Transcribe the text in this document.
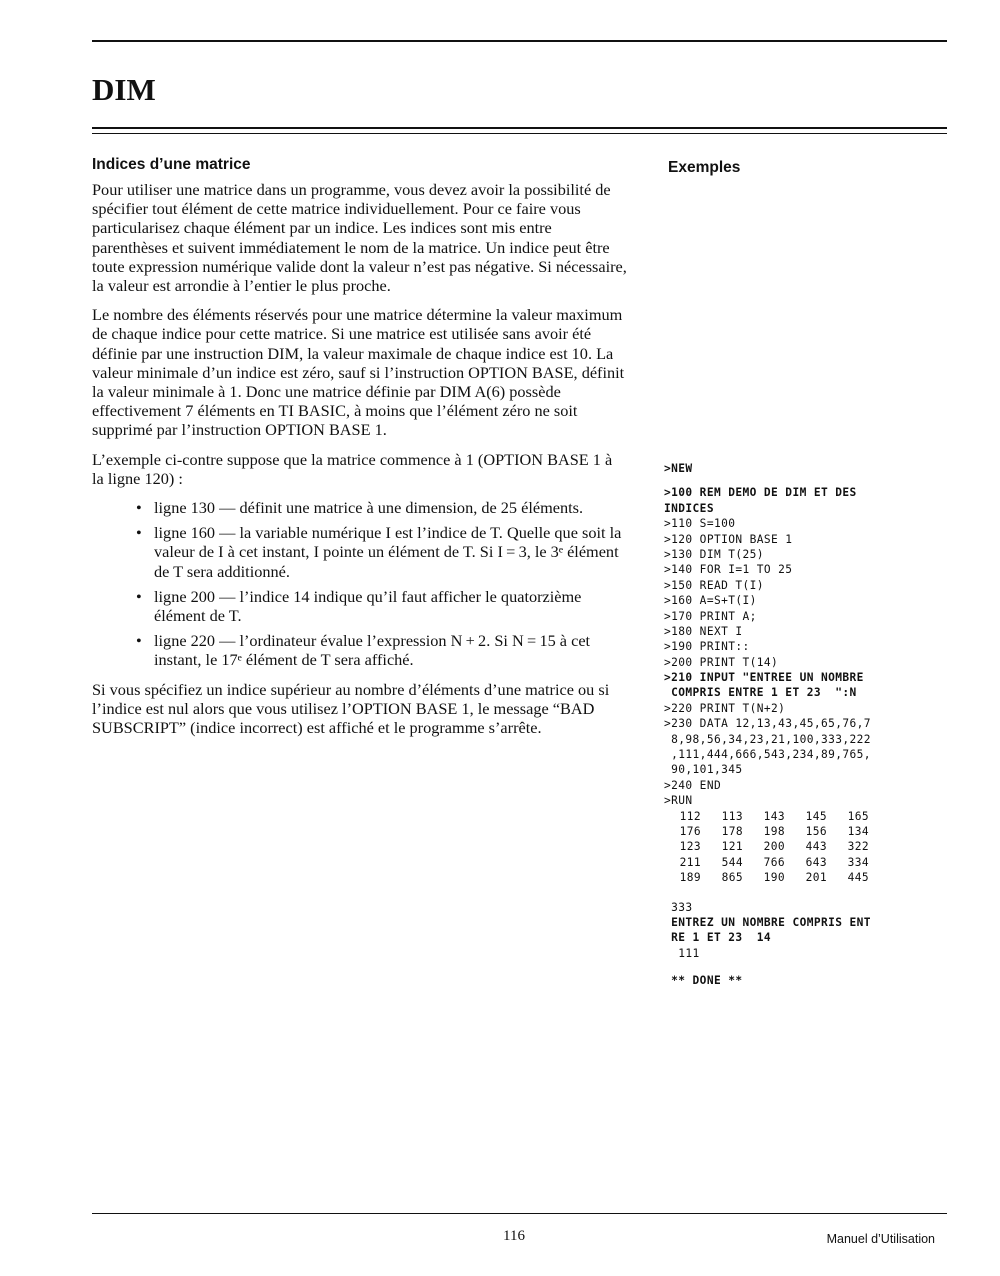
DIM
Indices d’une matrice	Exemples

Pour utiliser une matrice dans un programme, vous devez avoir la possibilité de spécifier tout élément de cette matrice individuellement. Pour ce faire vous particularisez chaque élément par un indice. Les indices sont mis entre parenthèses et suivent immédiatement le nom de la matrice. Un indice peut être toute expression numérique valide dont la valeur n’est pas négative. Si nécessaire, la valeur est arrondie à l’entier le plus proche.

Le nombre des éléments réservés pour une matrice détermine la valeur maximum de chaque indice pour cette matrice. Si une matrice est utilisée sans avoir été définie par une instruction DIM, la valeur maximale de chaque indice est 10. La valeur minimale d’un indice est zéro, sauf si l’instruction OPTION BASE, définit la valeur minimale à 1. Donc une matrice définie par DIM A(6) possède effectivement 7 éléments en TI BASIC, à moins que l’élément zéro ne soit supprimé par l’instruction OPTION BASE 1.

L’exemple ci-contre suppose que la matrice commence à 1 (OPTION BASE 1 à la ligne 120) :

• ligne 130 — définit une matrice à une dimension, de 25 éléments.
• ligne 160 — la variable numérique I est l’indice de T. Quelle que soit la valeur de I à cet instant, I pointe un élément de T. Si I = 3, le 3ᵉ élément de T sera additionné.
• ligne 200 — l’indice 14 indique qu’il faut afficher le quatorzième élément de T.
• ligne 220 — l’ordinateur évalue l’expression N + 2. Si N = 15 à cet instant, le 17ᵉ élément de T sera affiché.

Si vous spécifiez un indice supérieur au nombre d’éléments d’une matrice ou si l’indice est nul alors que vous utilisez l’OPTION BASE 1, le message “BAD SUBSCRIPT” (indice incorrect) est affiché et le programme s’arrête.

>NEW
>100 REM DEMO DE DIM ET DES
INDICES
>110 S=100
>120 OPTION BASE 1
>130 DIM T(25)
>140 FOR I=1 TO 25
>150 READ T(I)
>160 A=S+T(I)
>170 PRINT A;
>180 NEXT I
>190 PRINT::
>200 PRINT T(14)
>210 INPUT "ENTREE UN NOMBRE
COMPRIS ENTRE 1 ET 23  ":N
>220 PRINT T(N+2)
>230 DATA 12,13,43,45,65,76,7
8,98,56,34,23,21,100,333,222
,111,444,666,543,234,89,765,
90,101,345
>240 END
>RUN
112	113	143	145	165
176	178	198	156	134
123	121	200	443	322
211	544	766	643	334
189	865	190	201	445
333
ENTREZ UN NOMBRE COMPRIS ENT
RE 1 ET 23  14
111
** DONE **
116	Manuel d’Utilisation
